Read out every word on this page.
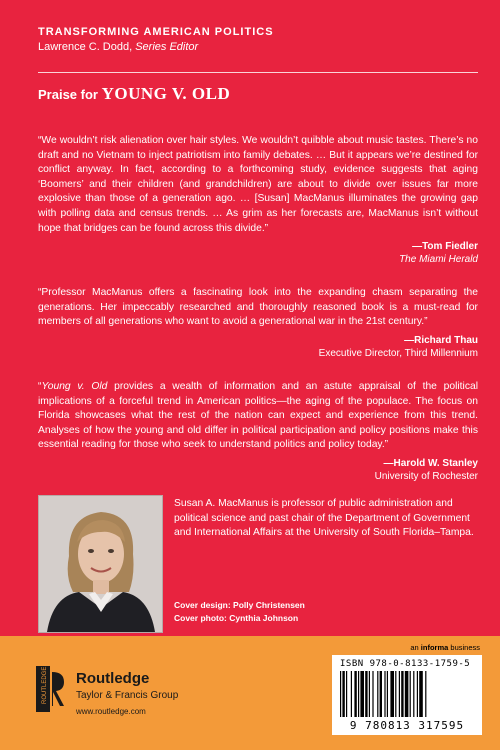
TRANSFORMING AMERICAN POLITICS
Lawrence C. Dodd, Series Editor
Praise for YOUNG V. OLD

“We wouldn’t risk alienation over hair styles. We wouldn’t quibble about music tastes. There’s no draft and no Vietnam to inject patriotism into family debates. … But it appears we’re destined for conflict anyway. In fact, according to a forthcoming study, evidence suggests that aging ‘Boomers’ and their children (and grandchildren) are about to divide over issues far more explosive than those of a generation ago. … [Susan] MacManus illuminates the growing gap with polling data and census trends. … As grim as her forecasts are, MacManus isn’t without hope that bridges can be found across this divide.”

—Tom Fiedler
The Miami Herald

“Professor MacManus offers a fascinating look into the expanding chasm separating the generations. Her impeccably researched and thoroughly reasoned book is a must-read for members of all generations who want to avoid a generational war in the 21st century.”

—Richard Thau
Executive Director, Third Millennium

“Young v. Old provides a wealth of information and an astute appraisal of the political implications of a forceful trend in American politics—the aging of the populace. The focus on Florida showcases what the rest of the nation can expect and experience from this trend. Analyses of how the young and old differ in political participation and policy positions make this essential reading for those who seek to understand politics and policy today.”

—Harold W. Stanley
University of Rochester
Susan A. MacManus is professor of public administration and political science and past chair of the Department of Government and International Affairs at the University of South Florida–Tampa.
Cover design: Polly Christensen
Cover photo: Cynthia Johnson
an informa business
ROUTLEDGE Routledge
Taylor & Francis Group
www.routledge.com
ISBN 978-0-8133-1759-5
9 780813 317595
